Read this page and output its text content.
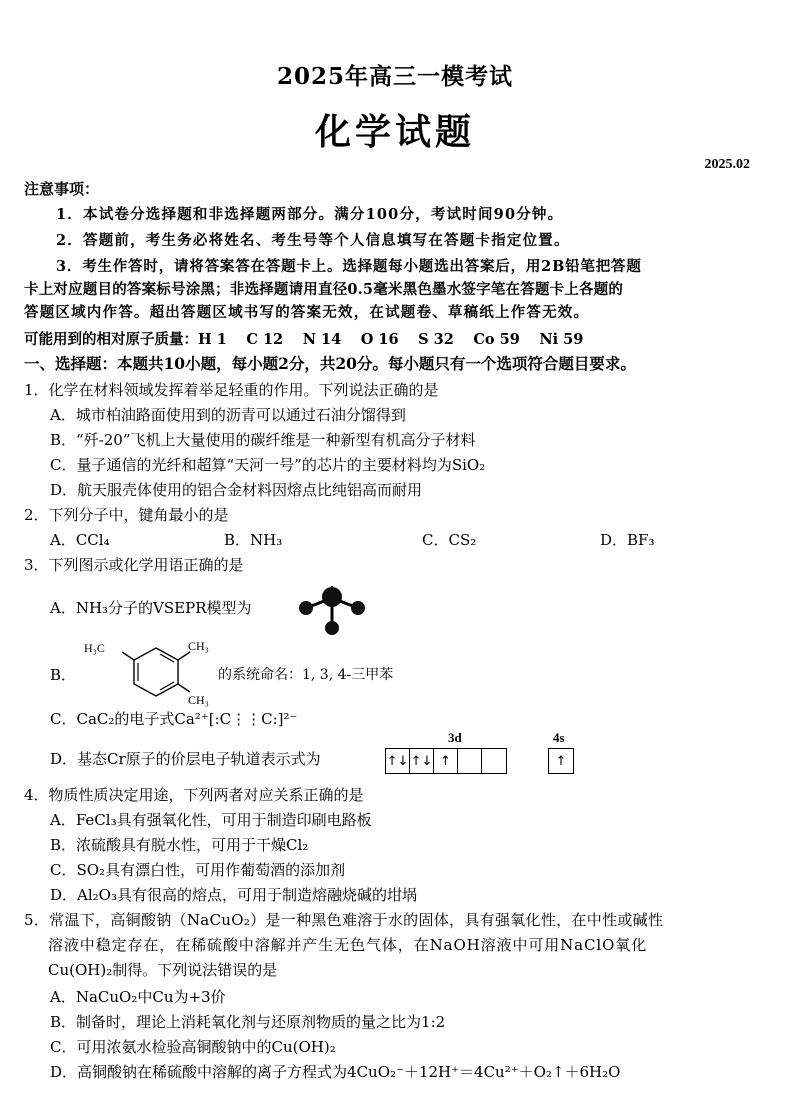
2025年高三一模考试
化学试题
2025.02
注意事项：
1．本试卷分选择题和非选择题两部分。满分100分，考试时间90分钟。
2．答题前，考生务必将姓名、考生号等个人信息填写在答题卡指定位置。
3．考生作答时，请将答案答在答题卡上。选择题每小题选出答案后，用2B铅笔把答题
卡上对应题目的答案标号涂黑；非选择题请用直径0.5毫米黑色墨水签字笔在答题卡上各题的
答题区域内作答。超出答题区域书写的答案无效，在试题卷、草稿纸上作答无效。
可能用到的相对原子质量：H 1　 C 12　 N 14　 O 16　 S 32　 Co 59　 Ni 59
一、选择题：本题共10小题，每小题2分，共20分。每小题只有一个选项符合题目要求。
1．化学在材料领域发挥着举足轻重的作用。下列说法正确的是
A．城市柏油路面使用到的沥青可以通过石油分馏得到
B．“歼-20”飞机上大量使用的碳纤维是一种新型有机高分子材料
C．量子通信的光纤和超算“天河一号”的芯片的主要材料均为SiO₂
D．航天服壳体使用的铝合金材料因熔点比纯铝高而耐用
2．下列分子中，键角最小的是
A．CCl₄	B．NH₃	C．CS₂	D．BF₃
3．下列图示或化学用语正确的是
A．NH₃分子的VSEPR模型为
B．
H₃C	CH₃
CH₃
的系统命名：1, 3, 4-三甲苯
C．CaC₂的电子式Ca²⁺[:C⋮⋮C:]²⁻
D．基态Cr原子的价层电子轨道表示式为
3d	4s
↑↓ ↑↓ ↑	↑
4．物质性质决定用途，下列两者对应关系正确的是
A．FeCl₃具有强氧化性，可用于制造印刷电路板
B．浓硫酸具有脱水性，可用于干燥Cl₂
C．SO₂具有漂白性，可用作葡萄酒的添加剂
D．Al₂O₃具有很高的熔点，可用于制造熔融烧碱的坩埚
5．常温下，高铜酸钠（NaCuO₂）是一种黑色难溶于水的固体，具有强氧化性，在中性或碱性
溶液中稳定存在，在稀硫酸中溶解并产生无色气体，在NaOH溶液中可用NaClO氧化
Cu(OH)₂制得。下列说法错误的是
A．NaCuO₂中Cu为+3价
B．制备时，理论上消耗氧化剂与还原剂物质的量之比为1:2
C．可用浓氨水检验高铜酸钠中的Cu(OH)₂
D．高铜酸钠在稀硫酸中溶解的离子方程式为4CuO₂⁻＋12H⁺＝4Cu²⁺＋O₂↑＋6H₂O
